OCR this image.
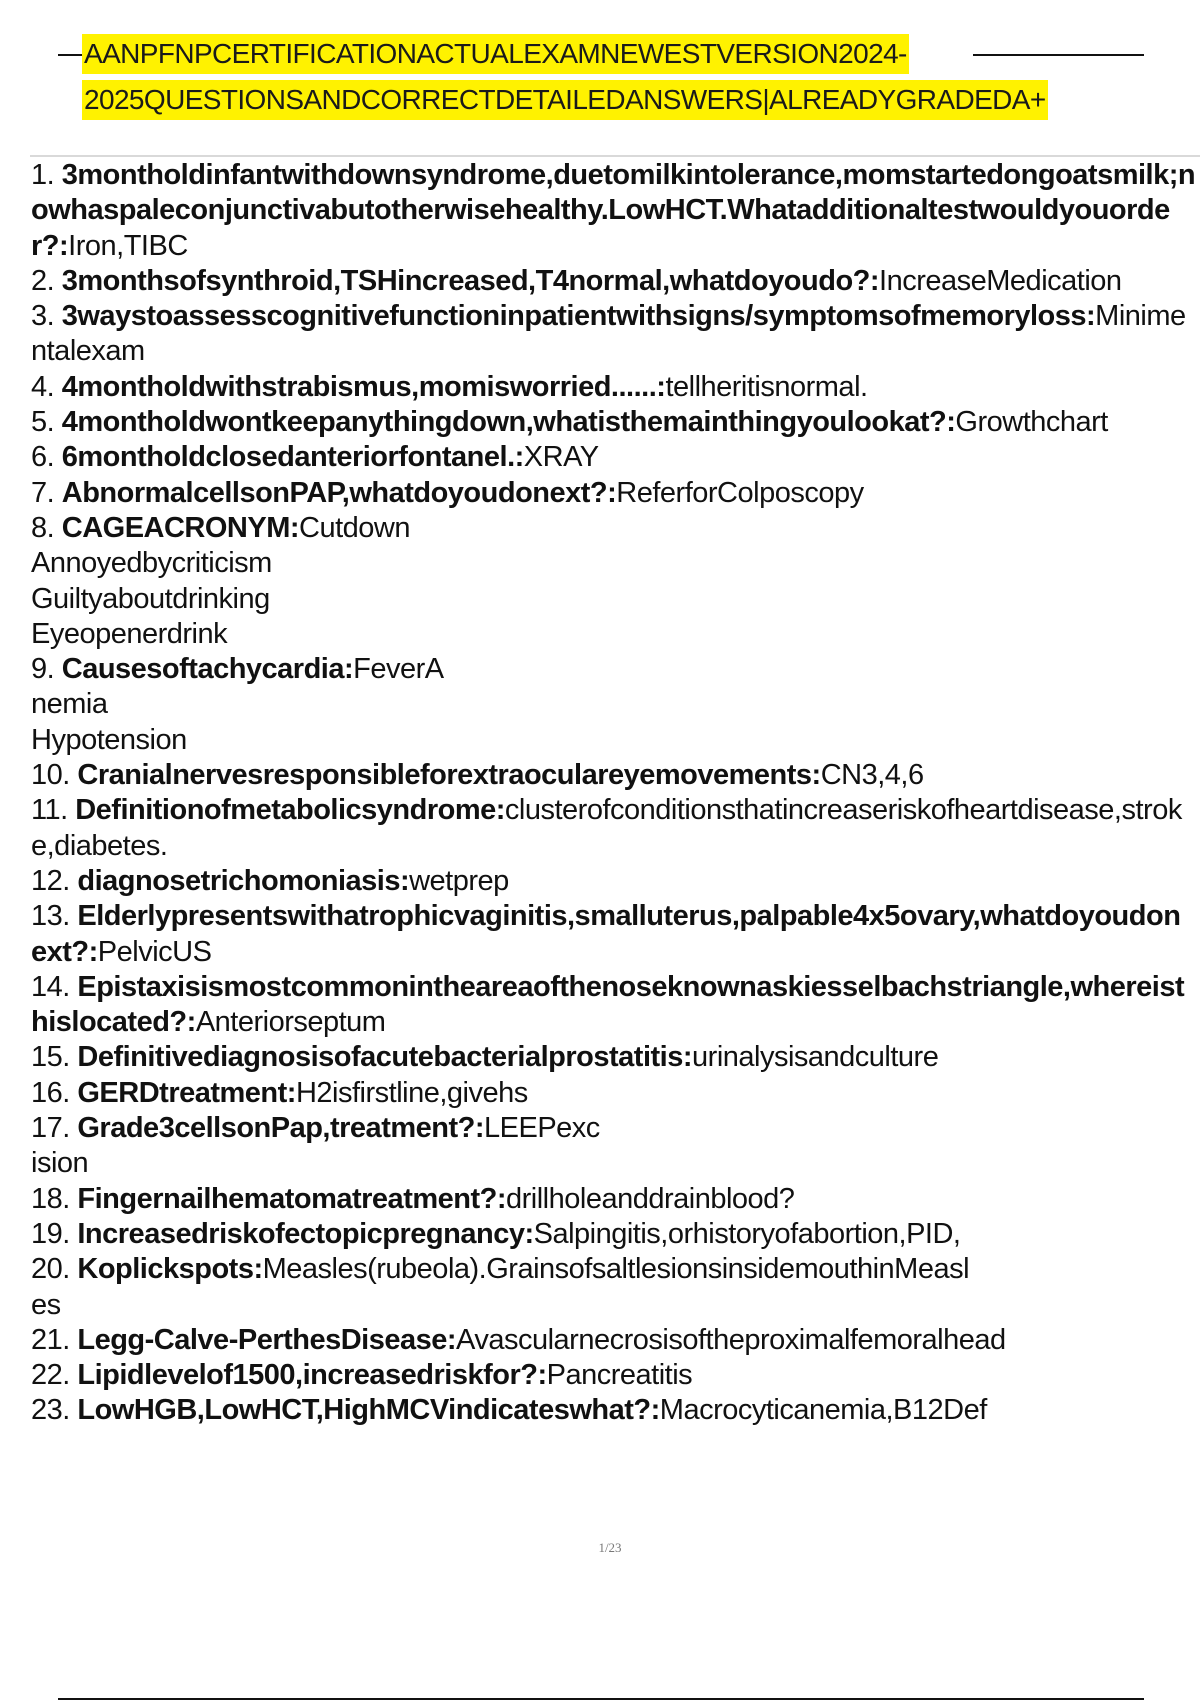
AANPFNPCERTIFICATIONACTUALEXAMNEWESTVERSION2024-
2025QUESTIONSANDCORRECTDETAILEDANSWERS|ALREADYGRADEDA+
1. 3montholdinfantwithdownsyndrome,duetomilkintolerance,momstartedongoatsmilk;nowhaspaleconjunctivabutotherwisehealthy.LowHCT.Whatadditionaltestwouldyouorder?:Iron,TIBC
2. 3monthsofsynthroid,TSHincreased,T4normal,whatdoyoudo?:IncreaseMedication
3. 3waystoassesscognitivefunctioninpatientwithsigns/symptomsofmemoryloss:Minimentalexam
4. 4montholdwithstrabismus,momisworried......:tellheritisnormal.
5. 4montholdwontkeepanythingdown,whatisthemainthingyoulookat?:Growthchart
6. 6montholdclosedanteriorfontanel.:XRAY
7. AbnormalcellsonPAP,whatdoyoudonext?:ReferforColposcopy
8. CAGEACRONYM:Cutdown
Annoyedbycriticism
Guiltyaboutdrinking
Eyeopenerdrink
9. Causesoftachycardia:FeverA
nemia
Hypotension
10. Cranialnervesresponsibleforextraoculareyemovements:CN3,4,6
11. Definitionofmetabolicsyndrome:clusterofconditionsthatincreaseriskofheartdisease,stroke,diabetes.
12. diagnosetrichomoniasis:wetprep
13. Elderlypresentswithatrophicvaginitis,smalluterus,palpable4x5ovary,whatdoyoudonext?:PelvicUS
14. Epistaxisismostcommonintheareaofthenoseknownaskiesselbachstriangle,whereisthislocated?:Anteriorseptum
15. Definitivediagnosisofacutebacterialprostatitis:urinalysisandculture
16. GERDtreatment:H2isfirstline,givehs
17. Grade3cellsonPap,treatment?:LEEPexc
ision
18. Fingernailhematomatreatment?:drillholeanddrainblood?
19. Increasedriskofectopicpregnancy:Salpingitis,orhistoryofabortion,PID,
20. Koplickspots:Measles(rubeola).GrainsofsaltlesionsinsidemouthinMeasl
es
21. Legg-Calve-PerthesDisease:Avascularnecrosisoftheproximalfemoralhead
22. Lipidlevelof1500,increasedriskfor?:Pancreatitis
23. LowHGB,LowHCT,HighMCVindicateswhat?:Macrocyticanemia,B12Def
1/23
